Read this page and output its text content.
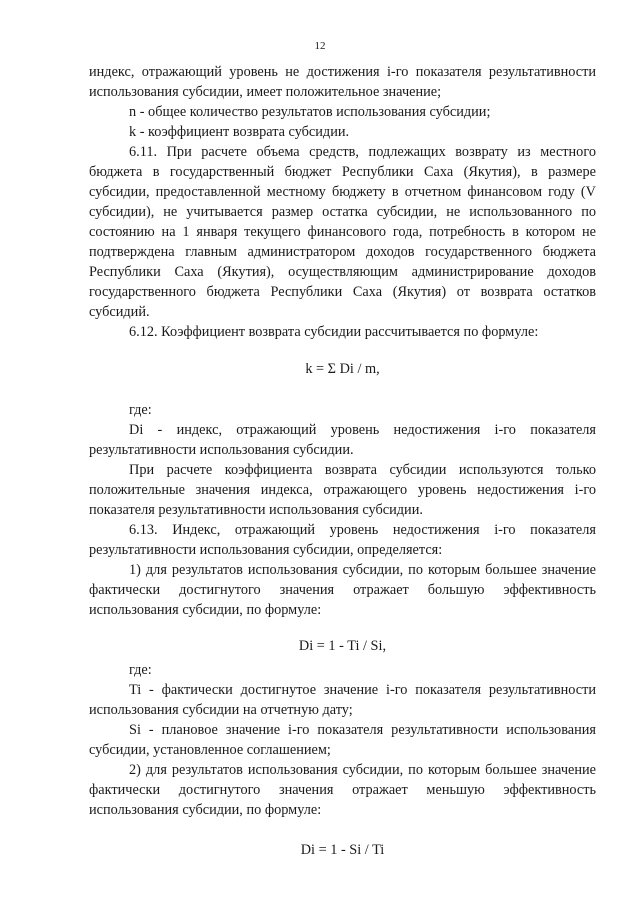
12

индекс, отражающий уровень не достижения i-го показателя результативности использования субсидии, имеет положительное значение;

n - общее количество результатов использования субсидии;

k - коэффициент возврата субсидии.

6.11. При расчете объема средств, подлежащих возврату из местного бюджета в государственный бюджет Республики Саха (Якутия), в размере субсидии, предоставленной местному бюджету в отчетном финансовом году (V субсидии), не учитывается размер остатка субсидии, не использованного по состоянию на 1 января текущего финансового года, потребность в котором не подтверждена главным администратором доходов государственного бюджета Республики Саха (Якутия), осуществляющим администрирование доходов государственного бюджета Республики Саха (Якутия) от возврата остатков субсидий.

6.12. Коэффициент возврата субсидии рассчитывается по формуле:

k = Σ Di / m,

где:

Di - индекс, отражающий уровень недостижения i-го показателя результативности использования субсидии.

При расчете коэффициента возврата субсидии используются только положительные значения индекса, отражающего уровень недостижения i-го показателя результативности использования субсидии.

6.13. Индекс, отражающий уровень недостижения i-го показателя результативности использования субсидии, определяется:

1) для результатов использования субсидии, по которым большее значение фактически достигнутого значения отражает большую эффективность использования субсидии, по формуле:

Di = 1 - Ti / Si,

где:

Ti - фактически достигнутое значение i-го показателя результативности использования субсидии на отчетную дату;

Si - плановое значение i-го показателя результативности использования субсидии, установленное соглашением;

2) для результатов использования субсидии, по которым большее значение фактически достигнутого значения отражает меньшую эффективность использования субсидии, по формуле:

Di = 1 - Si / Ti
